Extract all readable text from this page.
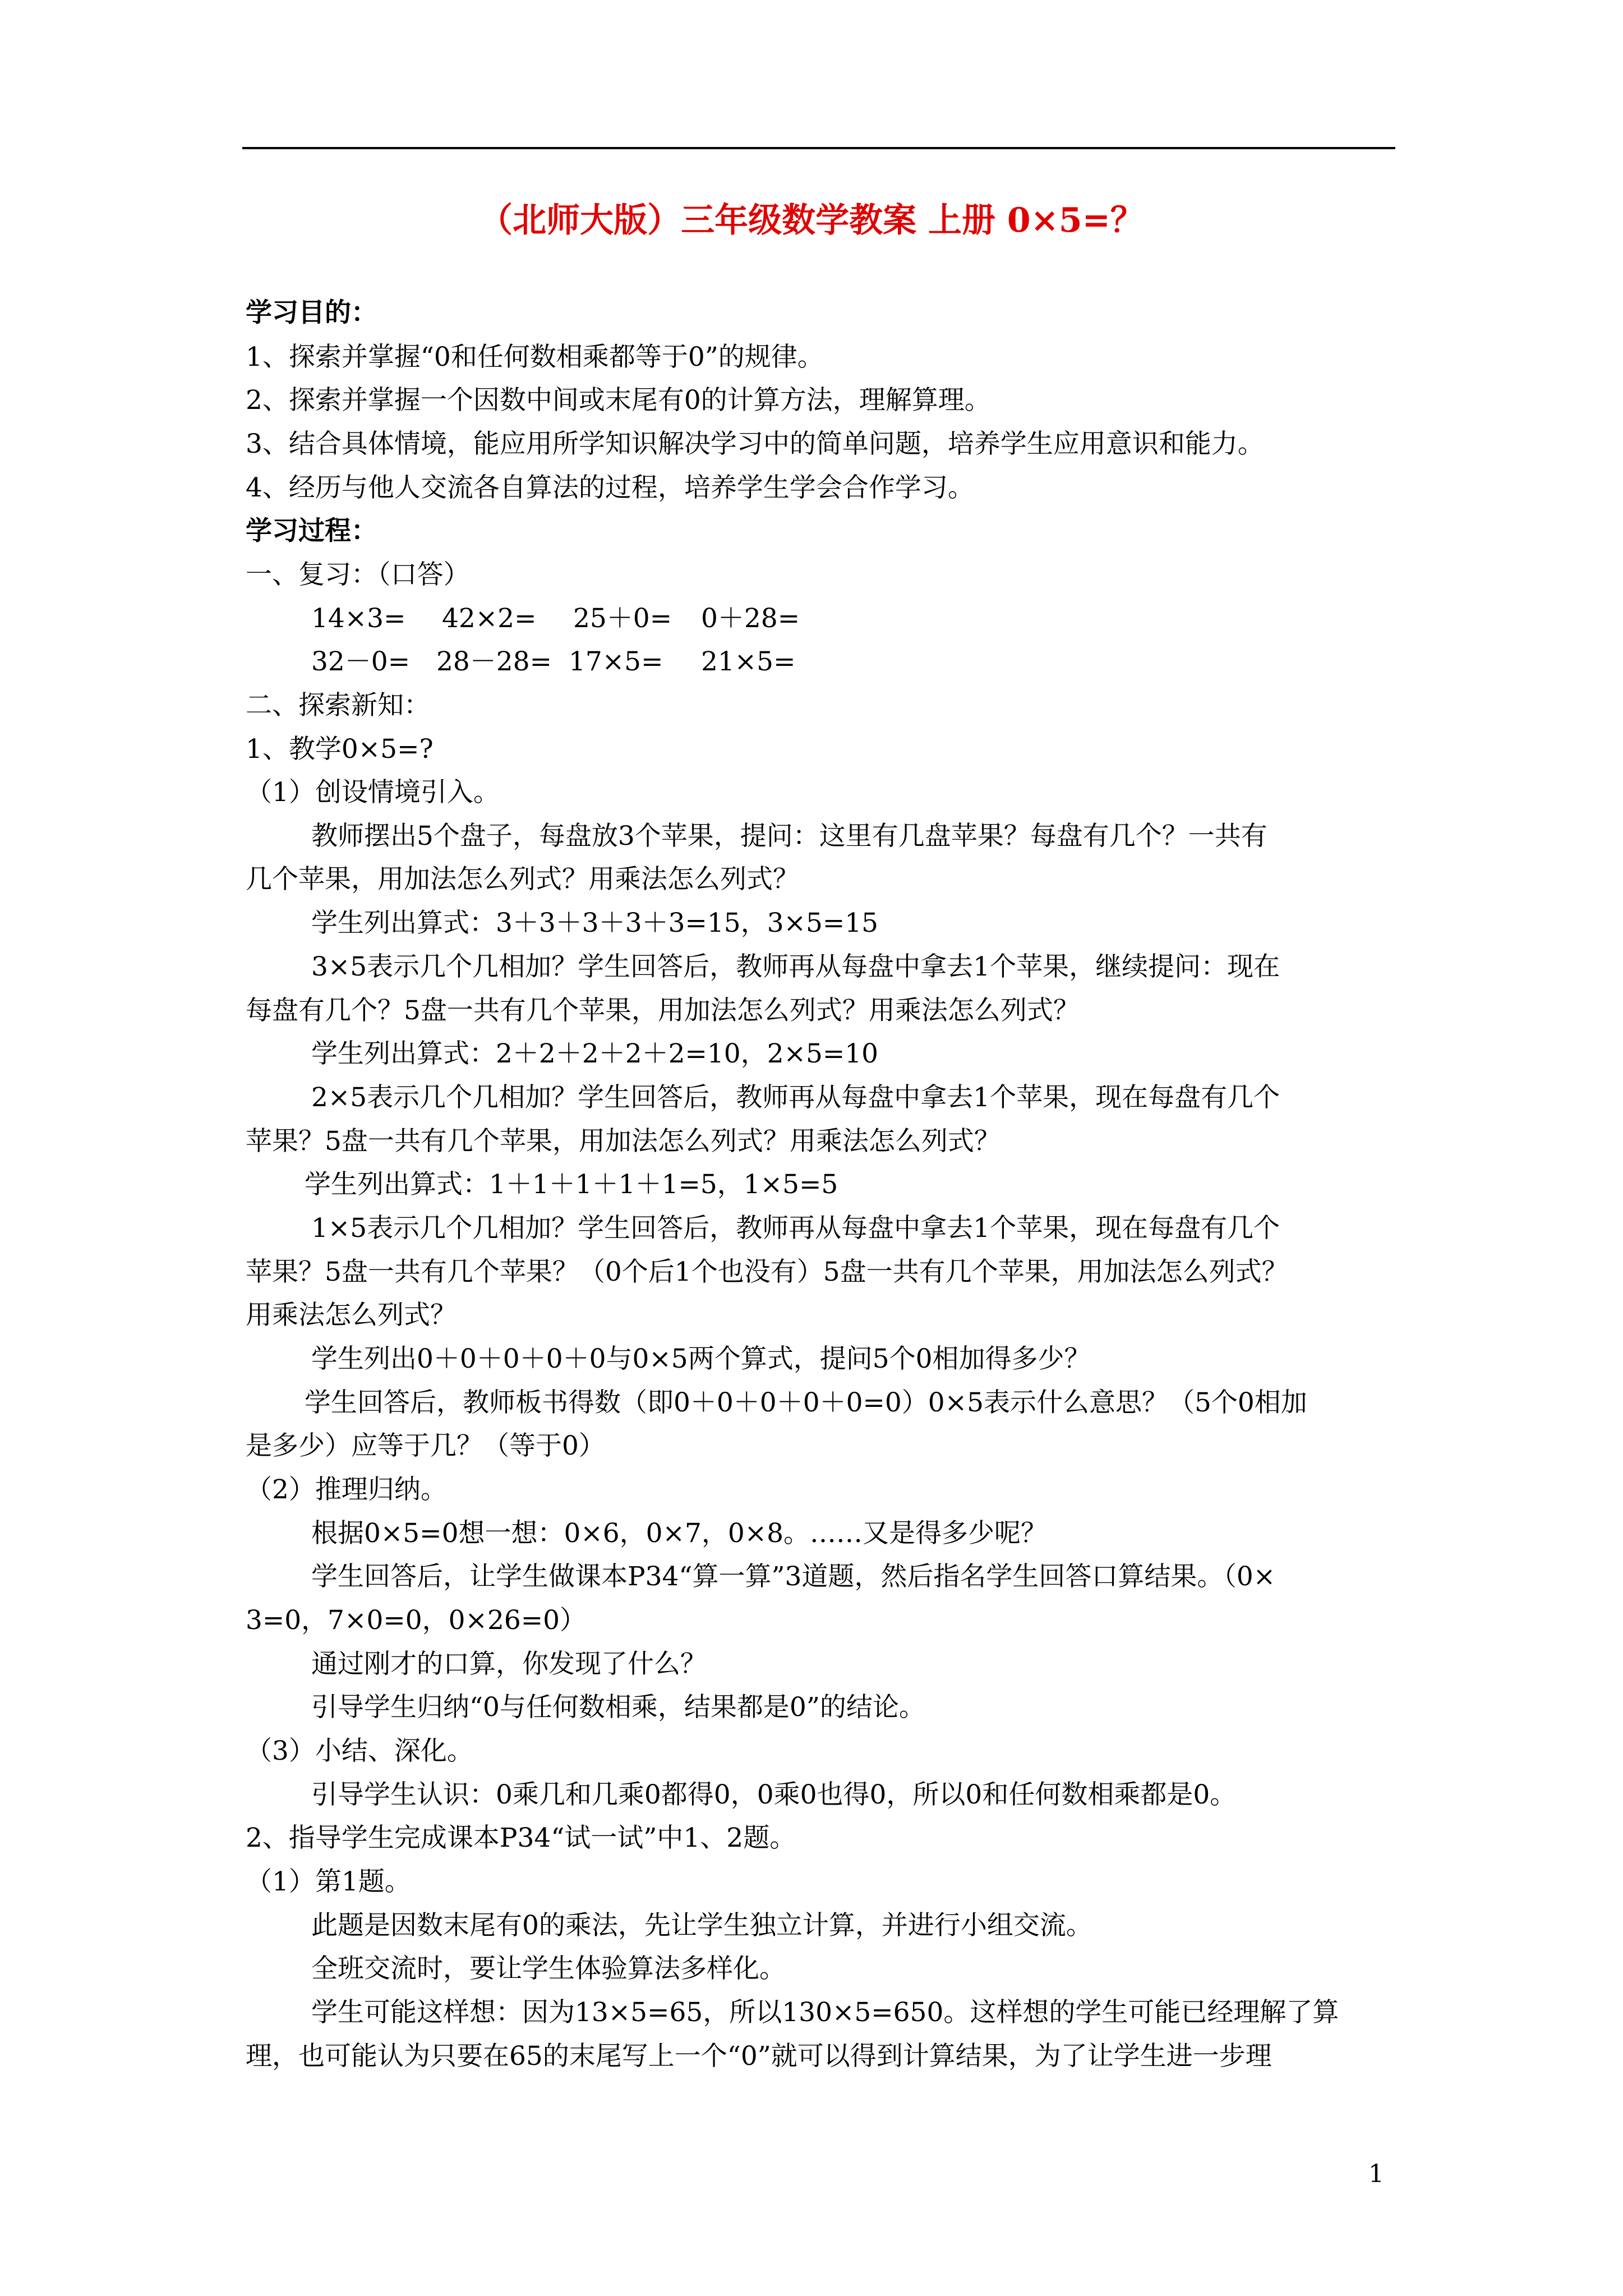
（北师大版）三年级数学教案 上册 0×5=？
学习目的：
1、探索并掌握“0和任何数相乘都等于0”的规律。
2、探索并掌握一个因数中间或末尾有0的计算方法，理解算理。
3、结合具体情境，能应用所学知识解决学习中的简单问题，培养学生应用意识和能力。
4、经历与他人交流各自算法的过程，培养学生学会合作学习。
学习过程：
一、复习：（口答）
14×3= 42×2= 25＋0= 0＋28=
32－0= 28－28= 17×5= 21×5=
二、探索新知：
1、教学0×5=?
（1）创设情境引入。
教师摆出5个盘子，每盘放3个苹果，提问：这里有几盘苹果？每盘有几个？一共有
几个苹果，用加法怎么列式？用乘法怎么列式？
学生列出算式：3＋3＋3＋3＋3=15，3×5=15
3×5表示几个几相加？学生回答后，教师再从每盘中拿去1个苹果，继续提问：现在
每盘有几个？5盘一共有几个苹果，用加法怎么列式？用乘法怎么列式？
学生列出算式：2＋2＋2＋2＋2=10，2×5=10
2×5表示几个几相加？学生回答后，教师再从每盘中拿去1个苹果，现在每盘有几个
苹果？5盘一共有几个苹果，用加法怎么列式？用乘法怎么列式？
学生列出算式：1＋1＋1＋1＋1=5，1×5=5
1×5表示几个几相加？学生回答后，教师再从每盘中拿去1个苹果，现在每盘有几个
苹果？5盘一共有几个苹果？（0个后1个也没有）5盘一共有几个苹果，用加法怎么列式？
用乘法怎么列式？
学生列出0＋0＋0＋0＋0与0×5两个算式，提问5个0相加得多少？
学生回答后，教师板书得数（即0＋0＋0＋0＋0=0）0×5表示什么意思？（5个0相加
是多少）应等于几？（等于0）
（2）推理归纳。
根据0×5=0想一想：0×6，0×7，0×8。……又是得多少呢？
学生回答后，让学生做课本P34“算一算”3道题，然后指名学生回答口算结果。（0×
3=0，7×0=0，0×26=0）
通过刚才的口算，你发现了什么？
引导学生归纳“0与任何数相乘，结果都是0”的结论。
（3）小结、深化。
引导学生认识：0乘几和几乘0都得0，0乘0也得0，所以0和任何数相乘都是0。
2、指导学生完成课本P34“试一试”中1、2题。
（1）第1题。
此题是因数末尾有0的乘法，先让学生独立计算，并进行小组交流。
全班交流时，要让学生体验算法多样化。
学生可能这样想：因为13×5=65，所以130×5=650。这样想的学生可能已经理解了算
理，也可能认为只要在65的末尾写上一个“0”就可以得到计算结果，为了让学生进一步理
1
